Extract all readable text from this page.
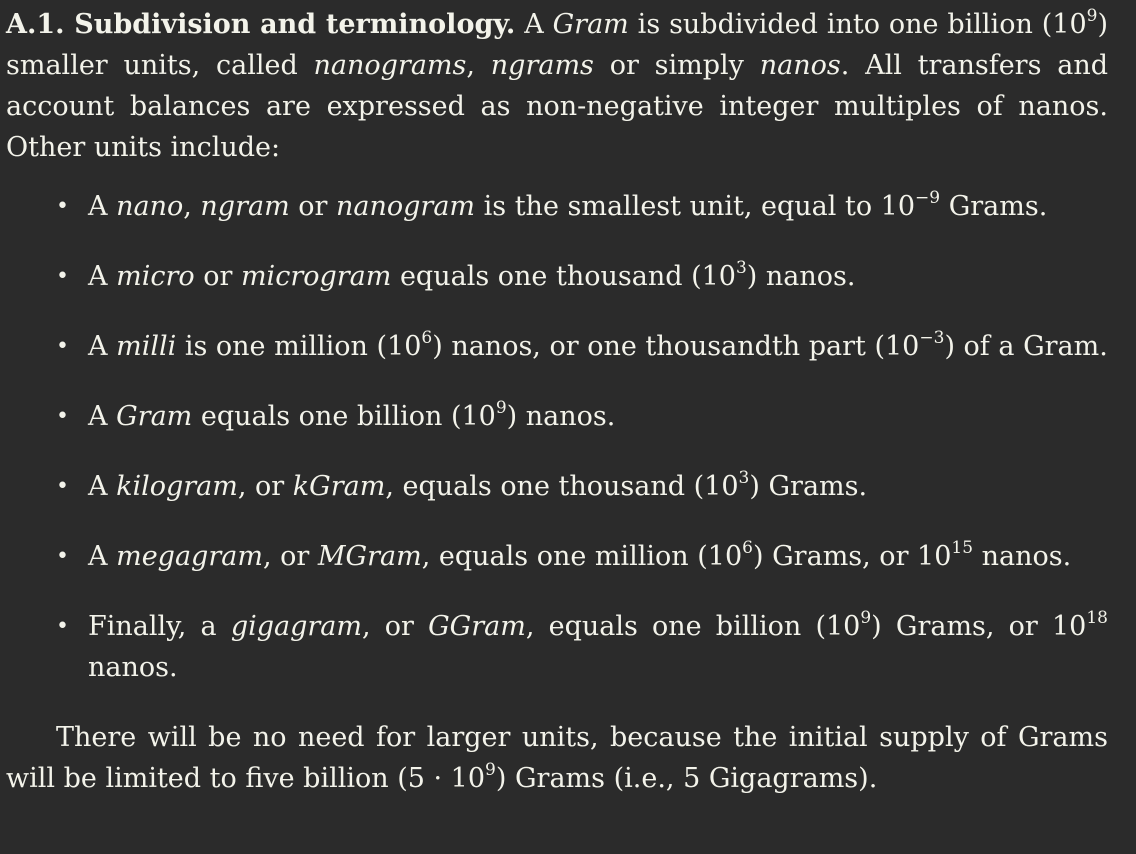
A.1. Subdivision and terminology. A Gram is subdivided into one billion $(10^9)$ smaller units, called nanograms, ngrams or simply nanos. All transfers and account balances are expressed as non-negative integer multiples of nanos. Other units include:

• A nano, ngram or nanogram is the smallest unit, equal to $10^{-9}$ Grams.
• A micro or microgram equals one thousand $(10^3)$ nanos.
• A milli is one million $(10^6)$ nanos, or one thousandth part $(10^{-3})$ of a Gram.
• A Gram equals one billion $(10^9)$ nanos.
• A kilogram, or kGram, equals one thousand $(10^3)$ Grams.
• A megagram, or MGram, equals one million $(10^6)$ Grams, or $10^{15}$ nanos.
• Finally, a gigagram, or GGram, equals one billion $(10^9)$ Grams, or $10^{18}$ nanos.

There will be no need for larger units, because the initial supply of Grams will be limited to five billion $(5 \cdot 10^9)$ Grams (i.e., 5 Gigagrams).
